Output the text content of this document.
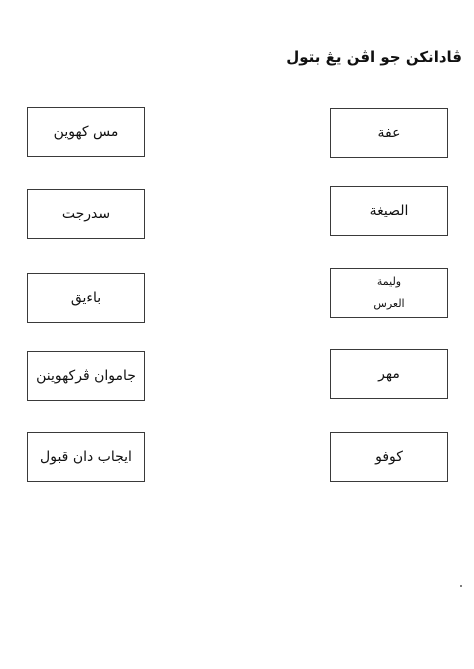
ڤادانكن جو اڤن يڠ بتول
عفة
الصيغة
وليمة
العرس
مهر
كوفو
مس كهوين
سدرجت
باءيق
جاموان ڤركهوينن
ايجاب دان قبول
